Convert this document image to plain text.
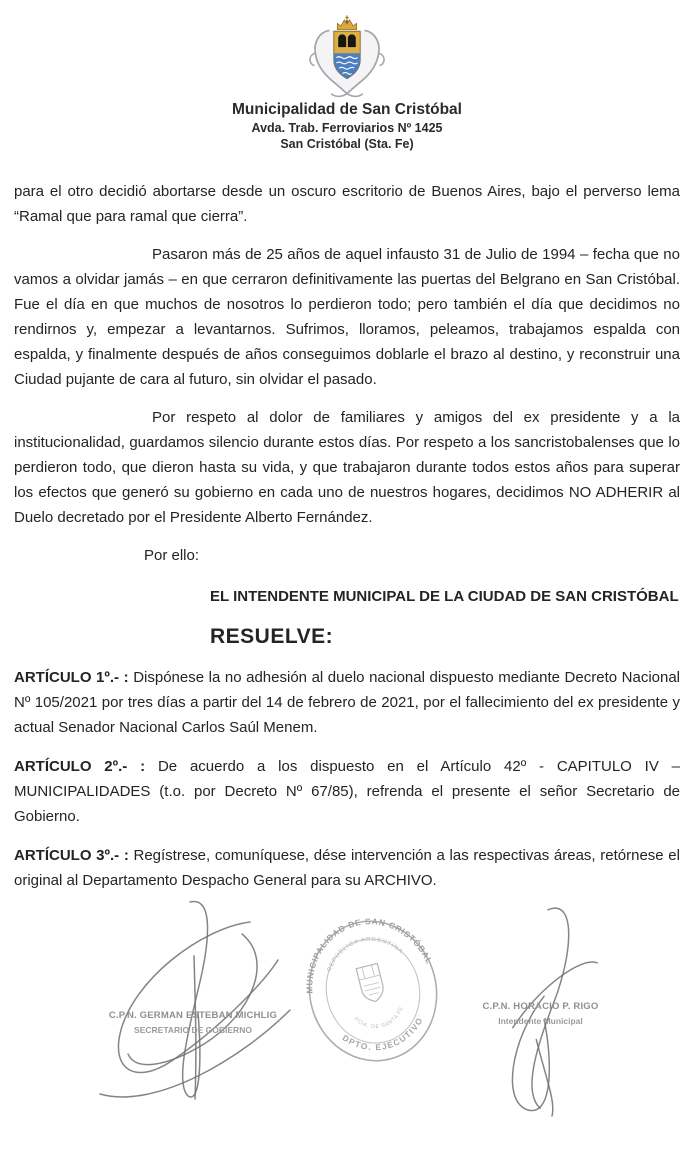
Municipalidad de San Cristóbal
Avda. Trab. Ferroviarios Nº 1425
San Cristóbal (Sta. Fe)

para el otro decidió abortarse desde un oscuro escritorio de Buenos Aires, bajo el perverso lema “Ramal que para ramal que cierra”.

Pasaron más de 25 años de aquel infausto 31 de Julio de 1994 – fecha que no vamos a olvidar jamás – en que cerraron definitivamente las puertas del Belgrano en San Cristóbal. Fue el día en que muchos de nosotros lo perdieron todo; pero también el día que decidimos no rendirnos y, empezar a levantarnos. Sufrimos, lloramos, peleamos, trabajamos espalda con espalda, y finalmente después de años conseguimos doblarle el brazo al destino, y reconstruir una Ciudad pujante de cara al futuro, sin olvidar el pasado.

Por respeto al dolor de familiares y amigos del ex presidente y a la institucionalidad, guardamos silencio durante estos días. Por respeto a los sancristobalenses que lo perdieron todo, que dieron hasta su vida, y que trabajaron durante todos estos años para superar los efectos que generó su gobierno en cada uno de nuestros hogares, decidimos NO ADHERIR al Duelo decretado por el Presidente Alberto Fernández.

Por ello:

EL INTENDENTE MUNICIPAL DE LA CIUDAD DE SAN CRISTÓBAL

RESUELVE:

ARTÍCULO 1º.- : Dispónese la no adhesión al duelo nacional dispuesto mediante Decreto Nacional Nº 105/2021 por tres días a partir del 14 de febrero de 2021, por el fallecimiento del ex presidente y actual Senador Nacional Carlos Saúl Menem.

ARTÍCULO 2º.- : De acuerdo a los dispuesto en el Artículo 42º - CAPITULO IV – MUNICIPALIDADES (t.o. por Decreto Nº 67/85), refrenda el presente el señor Secretario de Gobierno.

ARTÍCULO 3º.- : Regístrese, comuníquese, dése intervención a las respectivas áreas, retórnese el original al Departamento Despacho General para su ARCHIVO.

C.P.N. GERMAN ESTEBAN MICHLIG
SECRETARIO DE GOBIERNO
MUNICIPALIDAD DE SAN CRISTÓBAL
REPÚBLICA ARGENTINA
PCIA. DE SANTA FE
DPTO. EJECUTIVO
C.P.N. HORACIO P. RIGO
Intendente Municipal
